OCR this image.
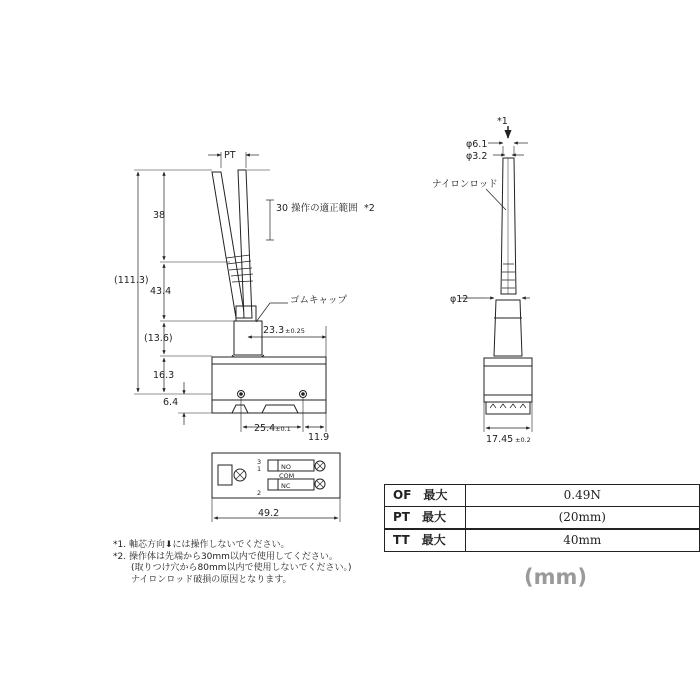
PT
38
30 操作の適正範囲 *2
(111.3)
43.4
ゴムキャップ
23.3 ±0.25
(13.6)
16.3
6.4
25.4 ±0.1
11.9
*1
φ6.1
φ3.2
ナイロンロッド
φ12
17.45 ±0.2
3
1
2
NO
COM
NC
49.2
OF　最大	0.49N
PT　最大	(20mm)
TT　最大	40mm
*1. 軸芯方向⬇には操作しないでください。
*2. 操作体は先端から30mm以内で使用してください。
　　(取りつけ穴から80mm以内で使用しないでください。)
　　ナイロンロッド破損の原因となります。	(mm)
